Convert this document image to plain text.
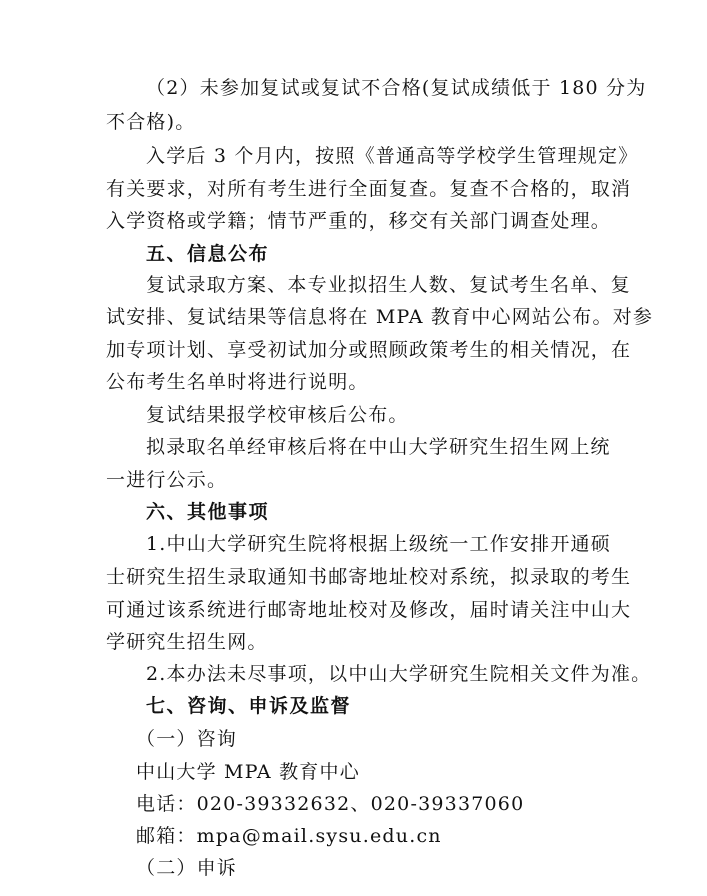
（2）未参加复试或复试不合格(复试成绩低于 180 分为
不合格)。
入学后 3 个月内，按照《普通高等学校学生管理规定》
有关要求，对所有考生进行全面复查。复查不合格的，取消
入学资格或学籍；情节严重的，移交有关部门调查处理。
五、信息公布
复试录取方案、本专业拟招生人数、复试考生名单、复
试安排、复试结果等信息将在 MPA 教育中心网站公布。对参
加专项计划、享受初试加分或照顾政策考生的相关情况，在
公布考生名单时将进行说明。
复试结果报学校审核后公布。
拟录取名单经审核后将在中山大学研究生招生网上统
一进行公示。
六、其他事项
1.中山大学研究生院将根据上级统一工作安排开通硕
士研究生招生录取通知书邮寄地址校对系统，拟录取的考生
可通过该系统进行邮寄地址校对及修改，届时请关注中山大
学研究生招生网。
2.本办法未尽事项，以中山大学研究生院相关文件为准。
七、咨询、申诉及监督
（一）咨询
中山大学 MPA 教育中心
电话：020-39332632、020-39337060
邮箱：mpa@mail.sysu.edu.cn
（二）申诉
